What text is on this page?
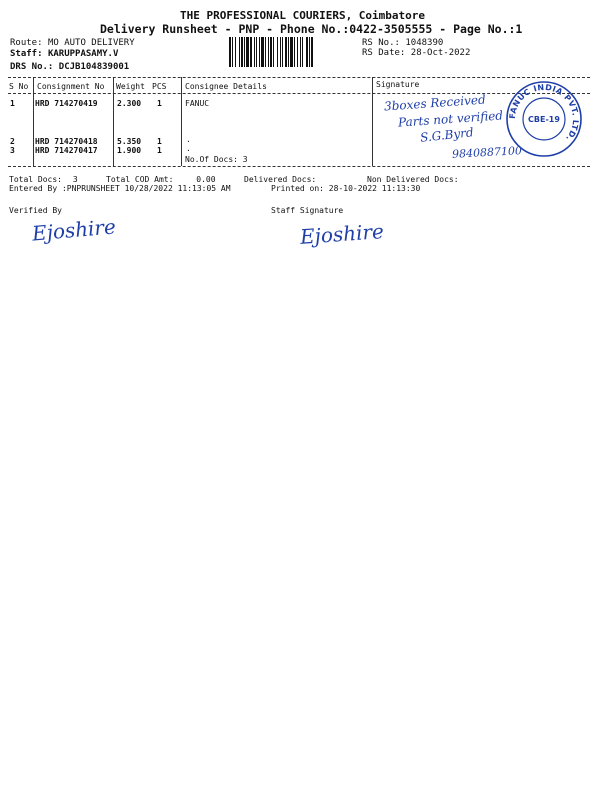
THE PROFESSIONAL COURIERS, Coimbatore
Delivery Runsheet - PNP - Phone No.:0422-3505555 - Page No.:1
Route: MO AUTO DELIVERY
Staff: KARUPPASAMY.V
DRS No.: DCJB104839001
RS No.: 1048390
RS Date: 28-Oct-2022
S No Consignment No Weight PCS Consignee Details	Signature
1	HRD 714270419 2.300 1	FANUC
2	HRD 714270418 5.350 1	.
3	HRD 714270417 1.900 1	.
No.Of Docs: 3
3boxes Received
Parts not verified
S.G.Byrd
9840887100
FANUC INDIA PVT. LTD.
CBE-19
Total Docs: 3	Total COD Amt:	0.00	Delivered Docs:	Non Delivered Docs:
Entered By :PNPRUNSHEET 10/28/2022 11:13:05 AM	Printed on: 28-10-2022 11:13:30
Verified By	Staff Signature
Ejoshire	Ejoshire
